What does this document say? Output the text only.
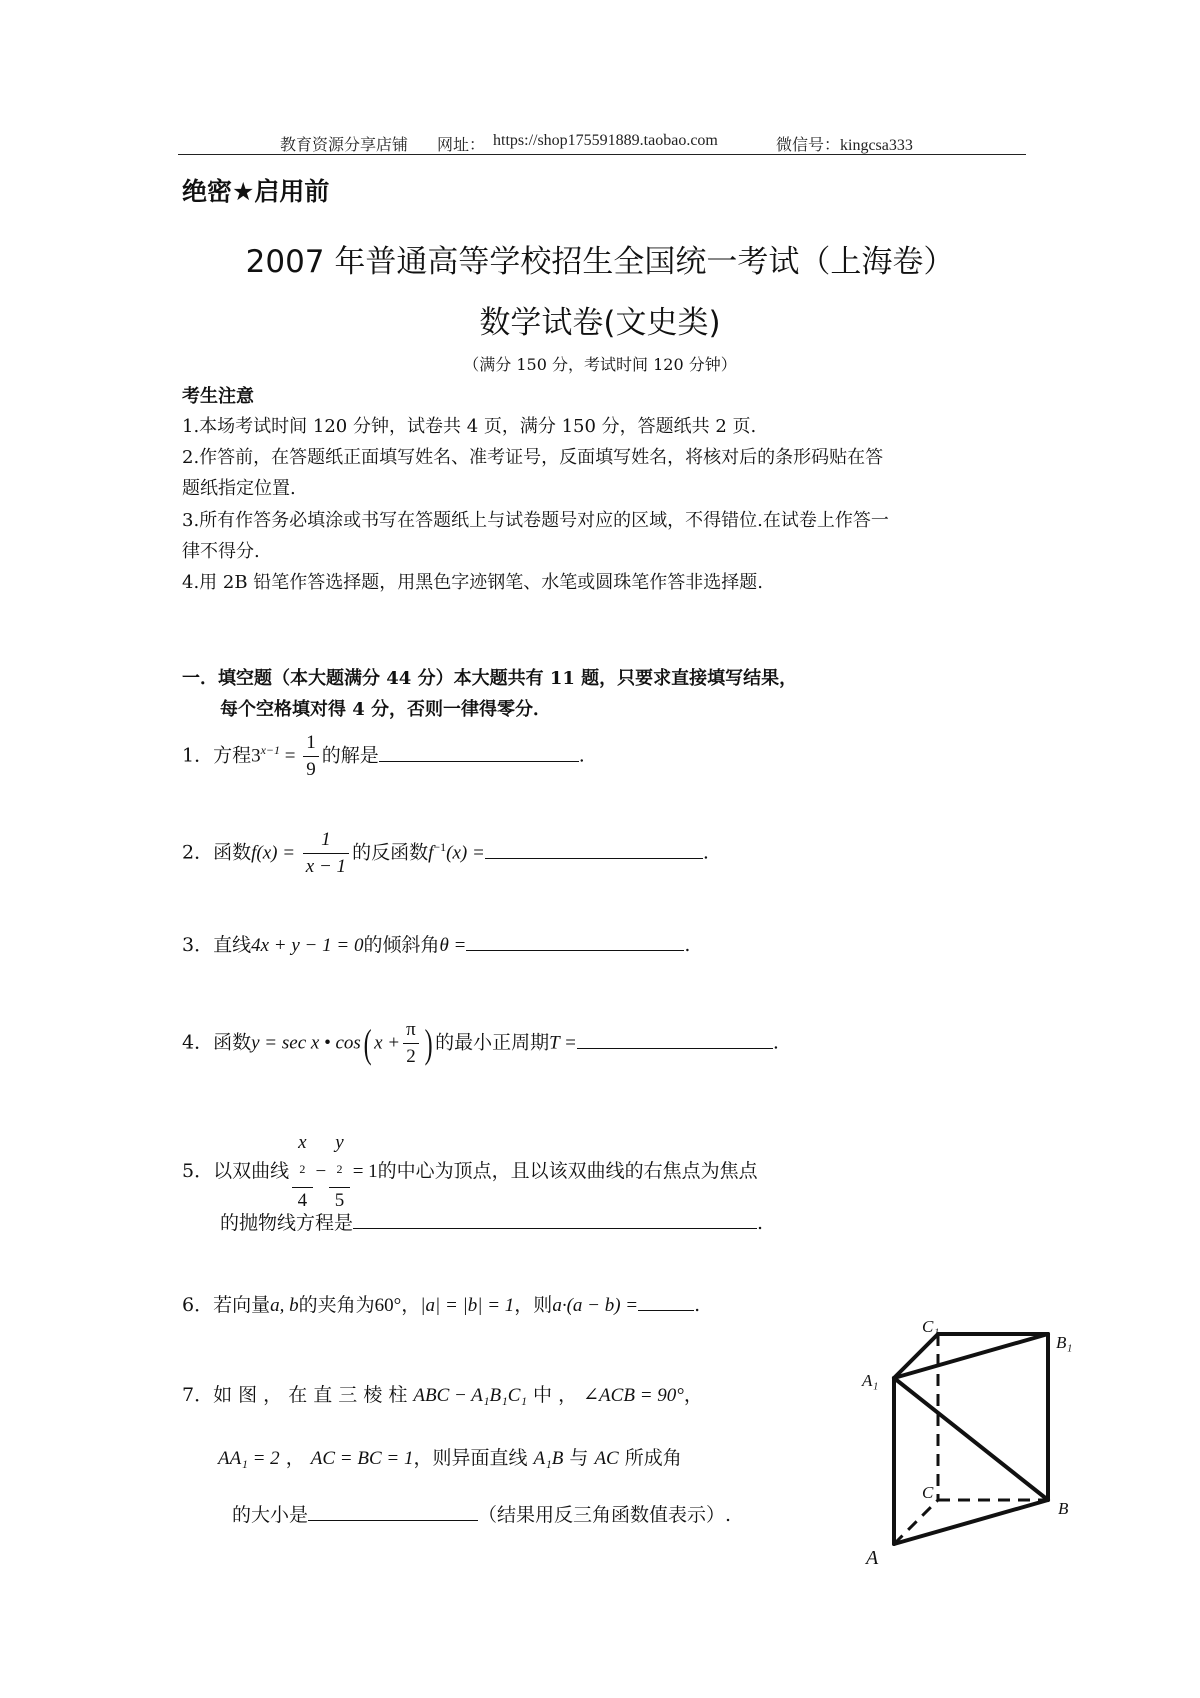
教育资源分享店铺 网址： https://shop175591889.taobao.com	微信号：kingcsa333
绝密★启用前
2007 年普通高等学校招生全国统一考试（上海卷）
数学试卷(文史类)
（满分 150 分，考试时间 120 分钟）
考生注意
1.本场考试时间 120 分钟，试卷共 4 页，满分 150 分，答题纸共 2 页.
2.作答前，在答题纸正面填写姓名、准考证号，反面填写姓名，将核对后的条形码贴在答
题纸指定位置.
3.所有作答务必填涂或书写在答题纸上与试卷题号对应的区域，不得错位.在试卷上作答一
律不得分.
4.用 2B 铅笔作答选择题，用黑色字迹钢笔、水笔或圆珠笔作答非选择题.
一．填空题（本大题满分 44 分）本大题共有 11 题，只要求直接填写结果，
每个空格填对得 4 分，否则一律得零分．
1．方程$3^{x-1} = \frac{1}{9}$ 的解是	.
2．函数$f(x) = \frac{1}{x - 1}$ 的反函数$f^{-1}(x)$ =	.
3．直线4x + y − 1 = 0的倾斜角θ =	.
4．函数y = sec x • cos( $x + \frac{\pi}{2}$ ) 的最小正周期T =	.
5．以双曲线 x
$^2$
4 − y
$^2$
5 = 1的中心为顶点，且以该双曲线的右焦点为焦点
的抛物线方程是	.
6．若向量a, b的夹角为60°，|a| = |b| = 1，则a·(a − b) =	.
7．如 图 ， 在 直 三 棱 柱 ABC − A₁B₁C₁ 中 ， ∠ACB = 90°，
AA₁ = 2 ， AC = BC = 1，则异面直线 A₁B 与 AC 所成角
的大小是	（结果用反三角函数值表示）.
C₁
B₁
A₁
C
B
A
